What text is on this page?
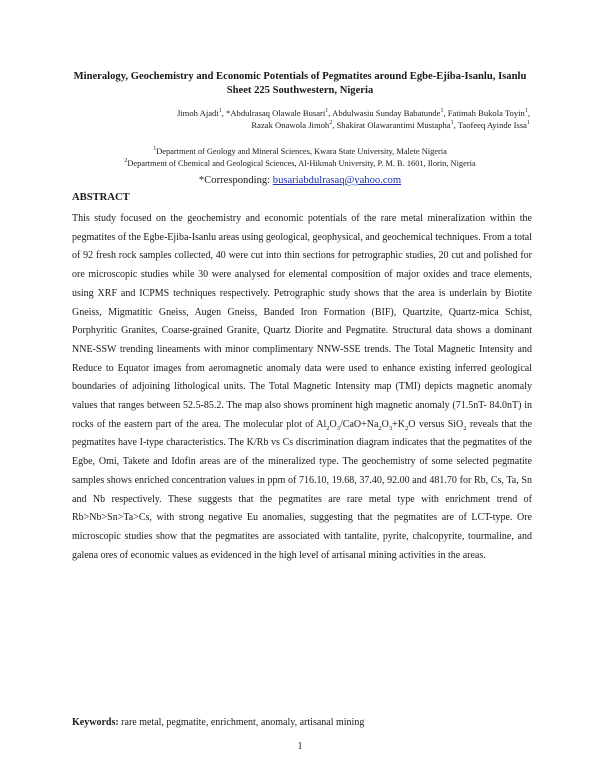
Mineralogy, Geochemistry and Economic Potentials of Pegmatites around Egbe-Ejiba-Isanlu, Isanlu Sheet 225 Southwestern, Nigeria
Jimoh Ajadi$^1$, *Abdulrasaq Olawale Busari$^1$, Abdulwasiu Sunday Babatunde$^1$, Fatimah Bukola Toyin$^1$,
Razak Onawola Jimoh$^2$, Shakirat Olawarantimi Mustapha$^1$, Taofeeq Ayinde Issa$^1$
$^1$Department of Geology and Mineral Sciences, Kwara State University, Malete Nigeria
$^2$Department of Chemical and Geological Sciences, Al-Hikmah University, P. M. B. 1601, Ilorin, Nigeria
*Corresponding: busariabdulrasaq@yahoo.com
ABSTRACT
This study focused on the geochemistry and economic potentials of the rare metal mineralization within the pegmatites of the Egbe-Ejiba-Isanlu areas using geological, geophysical, and geochemical techniques. From a total of 92 fresh rock samples collected, 40 were cut into thin sections for petrographic studies, 20 cut and polished for ore microscopic studies while 30 were analysed for elemental composition of major oxides and trace elements, using XRF and ICPMS techniques respectively. Petrographic study shows that the area is underlain by Biotite Gneiss, Migmatitic Gneiss, Augen Gneiss, Banded Iron Formation (BIF), Quartzite, Quartz-mica Schist, Porphyritic Granites, Coarse-grained Granite, Quartz Diorite and Pegmatite. Structural data shows a dominant NNE-SSW trending lineaments with minor complimentary NNW-SSE trends. The Total Magnetic Intensity and Reduce to Equator images from aeromagnetic anomaly data were used to enhance existing inferred geological boundaries of adjoining lithological units. The Total Magnetic Intensity map (TMI) depicts magnetic anomaly values that ranges between 52.5-85.2. The map also shows prominent high magnetic anomaly (71.5nT- 84.0nT) in rocks of the eastern part of the area. The molecular plot of $Al_2O_3/CaO+Na_2O_3+K_2O$ versus SiO$_2$ reveals that the pegmatites have I-type characteristics. The K/Rb vs Cs discrimination diagram indicates that the pegmatites of the Egbe, Omi, Takete and Idofin areas are of the mineralized type. The geochemistry of some selected pegmatite samples shows enriched concentration values in ppm of 716.10, 19.68, 37.40, 92.00 and 481.70 for Rb, Cs, Ta, Sn and Nb respectively. These suggests that the pegmatites are rare metal type with enrichment trend of Rb>Nb>Sn>Ta>Cs, with strong negative Eu anomalies, suggesting that the pegmatites are of LCT-type. Ore microscopic studies show that the pegmatites are associated with tantalite, pyrite, chalcopyrite, tourmaline, and galena ores of economic values as evidenced in the high level of artisanal mining activities in the areas.
Keywords: rare metal, pegmatite, enrichment, anomaly, artisanal mining
1
